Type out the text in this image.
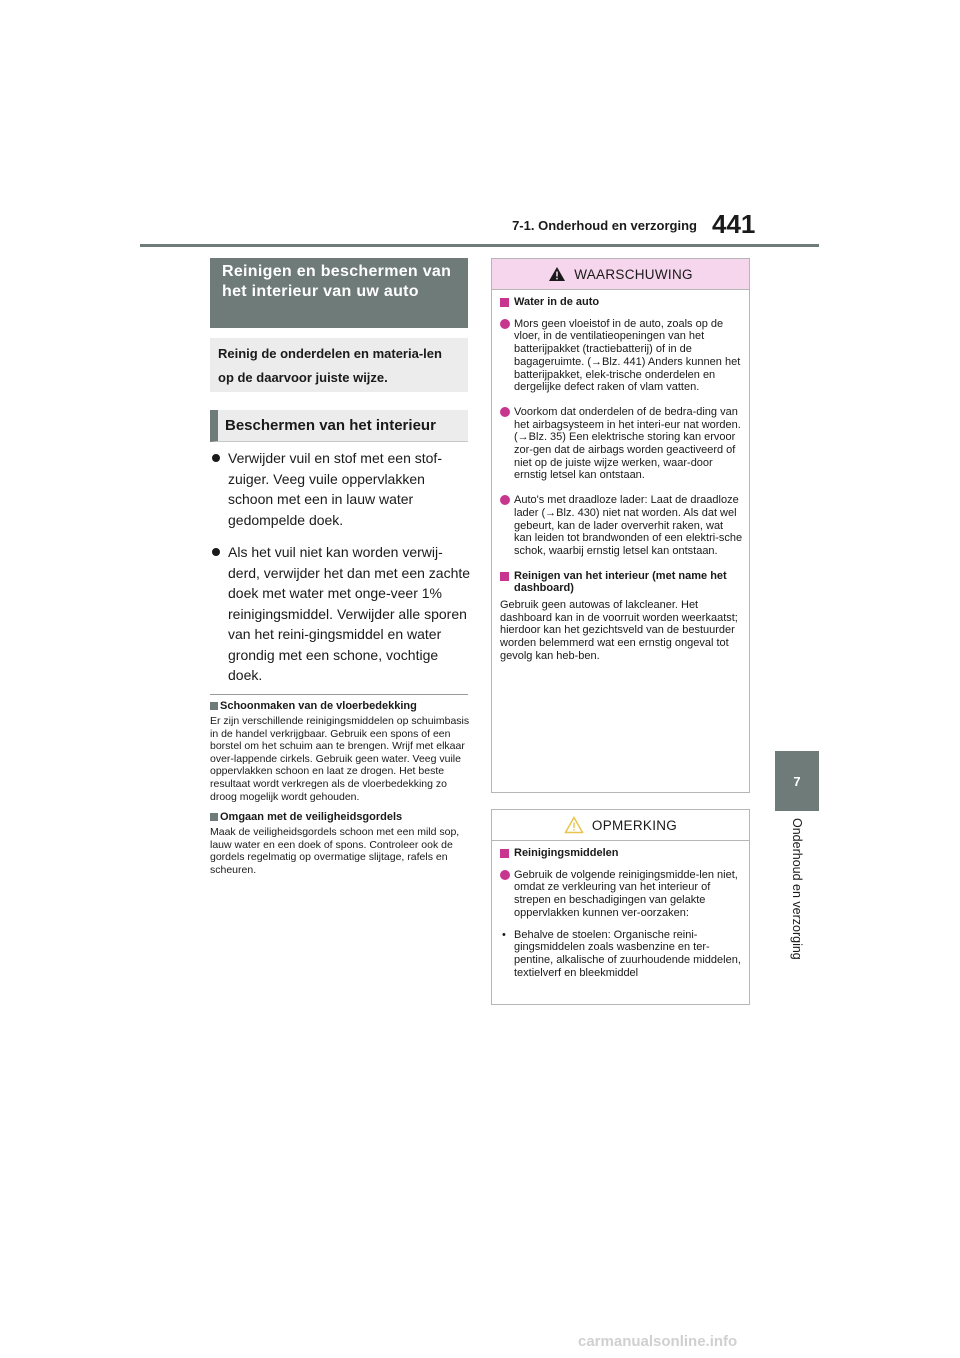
7-1. Onderhoud en verzorging 441
7
Onderhoud en verzorging
Reinigen en beschermen van het interieur van uw auto
Reinig de onderdelen en materia-len op de daarvoor juiste wijze.
Beschermen van het interieur
Verwijder vuil en stof met een stof-zuiger. Veeg vuile oppervlakken schoon met een in lauw water gedompelde doek.
Als het vuil niet kan worden verwij-derd, verwijder het dan met een zachte doek met water met onge-veer 1% reinigingsmiddel. Verwijder alle sporen van het reini-gingsmiddel en water grondig met een schone, vochtige doek.
Schoonmaken van de vloerbedekking
Er zijn verschillende reinigingsmiddelen op schuimbasis in de handel verkrijgbaar. Gebruik een spons of een borstel om het schuim aan te brengen. Wrijf met elkaar over-lappende cirkels. Gebruik geen water. Veeg vuile oppervlakken schoon en laat ze drogen. Het beste resultaat wordt verkregen als de vloerbedekking zo droog mogelijk wordt gehouden.
Omgaan met de veiligheidsgordels
Maak de veiligheidsgordels schoon met een mild sop, lauw water en een doek of spons. Controleer ook de gordels regelmatig op overmatige slijtage, rafels en scheuren.
WAARSCHUWING
Water in de auto
Mors geen vloeistof in de auto, zoals op de vloer, in de ventilatieopeningen van het batterijpakket (tractiebatterij) of in de bagageruimte. (→Blz. 441) Anders kunnen het batterijpakket, elek-trische onderdelen en dergelijke defect raken of vlam vatten.
Voorkom dat onderdelen of de bedra-ding van het airbagsysteem in het interi-eur nat worden. (→Blz. 35) Een elektrische storing kan ervoor zor-gen dat de airbags worden geactiveerd of niet op de juiste wijze werken, waar-door ernstig letsel kan ontstaan.
Auto's met draadloze lader: Laat de draadloze lader (→Blz. 430) niet nat worden. Als dat wel gebeurt, kan de lader oververhit raken, wat kan leiden tot brandwonden of een elektri-sche schok, waarbij ernstig letsel kan ontstaan.
Reinigen van het interieur (met name het dashboard)
Gebruik geen autowas of lakcleaner. Het dashboard kan in de voorruit worden weerkaatst; hierdoor kan het gezichtsveld van de bestuurder worden belemmerd wat een ernstig ongeval tot gevolg kan heb-ben.
OPMERKING
Reinigingsmiddelen
Gebruik de volgende reinigingsmidde-len niet, omdat ze verkleuring van het interieur of strepen en beschadigingen van gelakte oppervlakken kunnen ver-oorzaken:
• Behalve de stoelen: Organische reini-gingsmiddelen zoals wasbenzine en ter-pentine, alkalische of zuurhoudende middelen, textielverf en bleekmiddel
carmanualsonline.info
